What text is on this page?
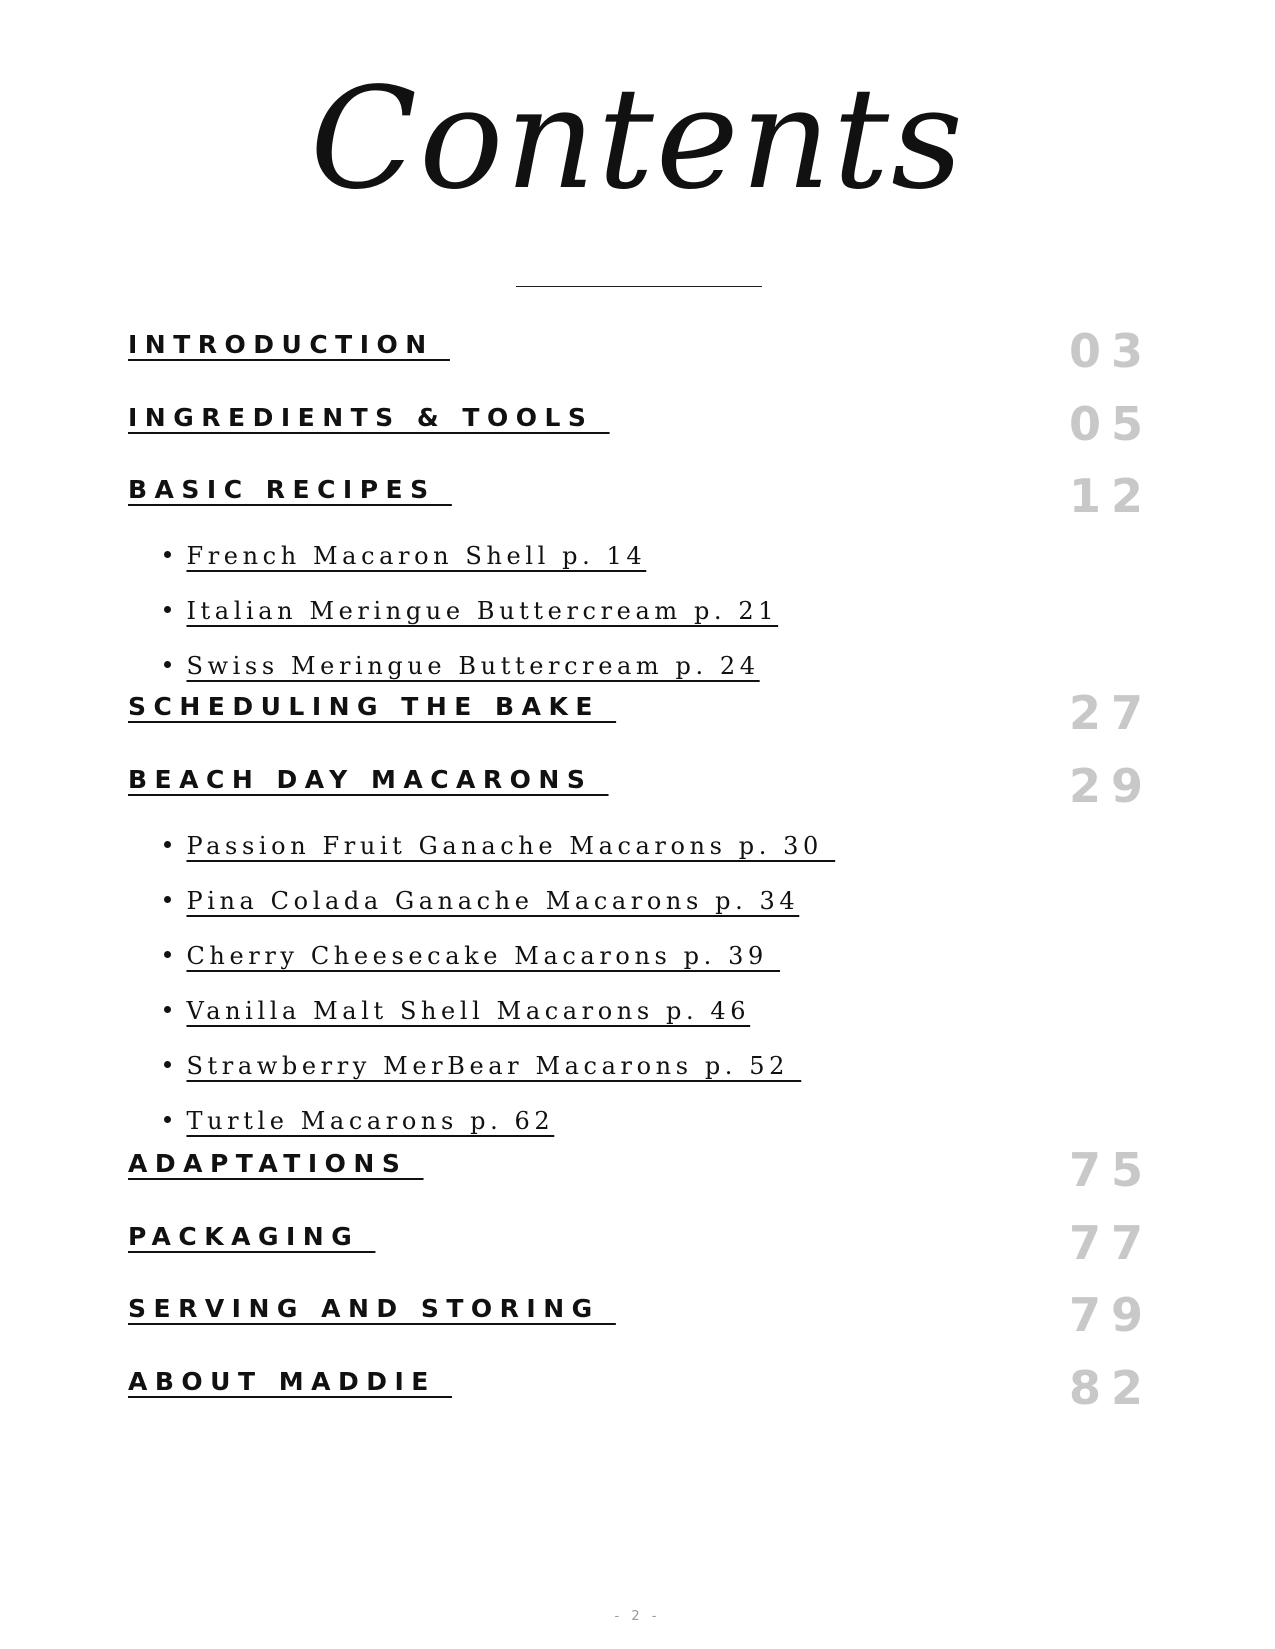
Contents
INTRODUCTION	03
INGREDIENTS & TOOLS	05
BASIC RECIPES	12

French Macaron Shell p. 14

Italian Meringue Buttercream p. 21

Swiss Meringue Buttercream p. 24

SCHEDULING THE BAKE	27
BEACH DAY MACARONS	29

Passion Fruit Ganache Macarons p. 30

Pina Colada Ganache Macarons p. 34

Cherry Cheesecake Macarons p. 39

Vanilla Malt Shell Macarons p. 46

Strawberry MerBear Macarons p. 52

Turtle Macarons p. 62

ADAPTATIONS	75
PACKAGING	77
SERVING AND STORING	79
ABOUT MADDIE	82
- 2 -
